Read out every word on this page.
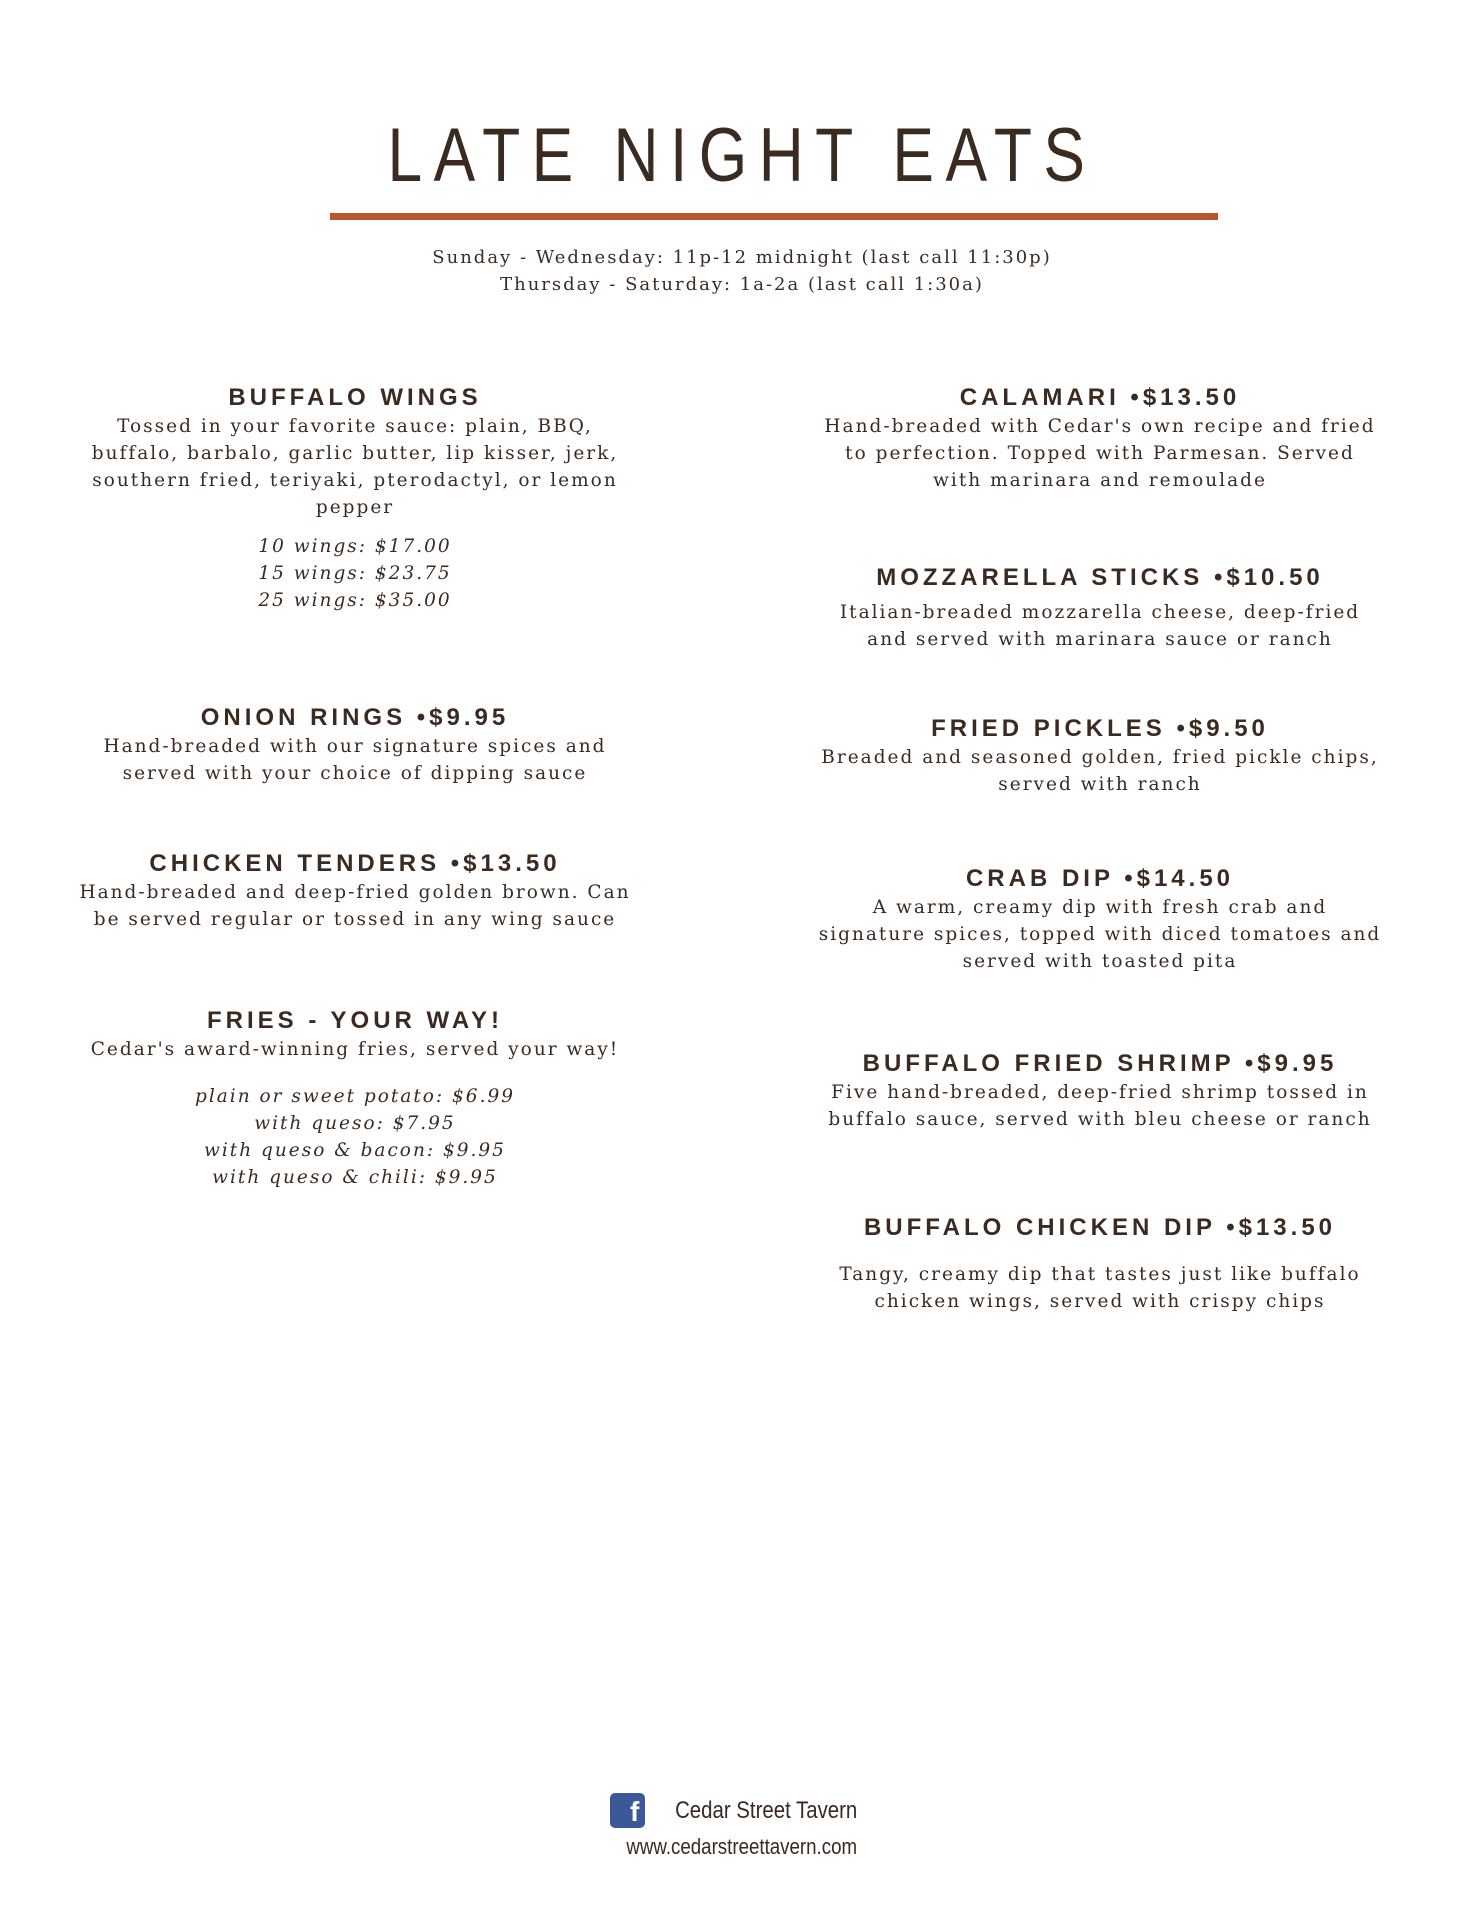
LATE NIGHT EATS
Sunday - Wednesday: 11p-12 midnight (last call 11:30p)
Thursday - Saturday: 1a-2a (last call 1:30a)
BUFFALO WINGS

Tossed in your favorite sauce: plain, BBQ,

buffalo, barbalo, garlic butter, lip kisser, jerk,

southern fried, teriyaki, pterodactyl, or lemon

pepper

10 wings: $17.00

15 wings: $23.75

25 wings: $35.00

ONION RINGS •$9.95

Hand-breaded with our signature spices and

served with your choice of dipping sauce

CHICKEN TENDERS •$13.50

Hand-breaded and deep-fried golden brown. Can

be served regular or tossed in any wing sauce

FRIES - YOUR WAY!

Cedar's award-winning fries, served your way!

plain or sweet potato: $6.99

with queso: $7.95

with queso & bacon: $9.95

with queso & chili: $9.95

CALAMARI •$13.50

Hand-breaded with Cedar's own recipe and fried

to perfection. Topped with Parmesan. Served

with marinara and remoulade

MOZZARELLA STICKS •$10.50

Italian-breaded mozzarella cheese, deep-fried

and served with marinara sauce or ranch

FRIED PICKLES •$9.50

Breaded and seasoned golden, fried pickle chips,

served with ranch

CRAB DIP •$14.50

A warm, creamy dip with fresh crab and

signature spices, topped with diced tomatoes and

served with toasted pita

BUFFALO FRIED SHRIMP •$9.95

Five hand-breaded, deep-fried shrimp tossed in

buffalo sauce, served with bleu cheese or ranch

BUFFALO CHICKEN DIP •$13.50

Tangy, creamy dip that tastes just like buffalo

chicken wings, served with crispy chips

f Cedar Street Tavern
www.cedarstreettavern.com
